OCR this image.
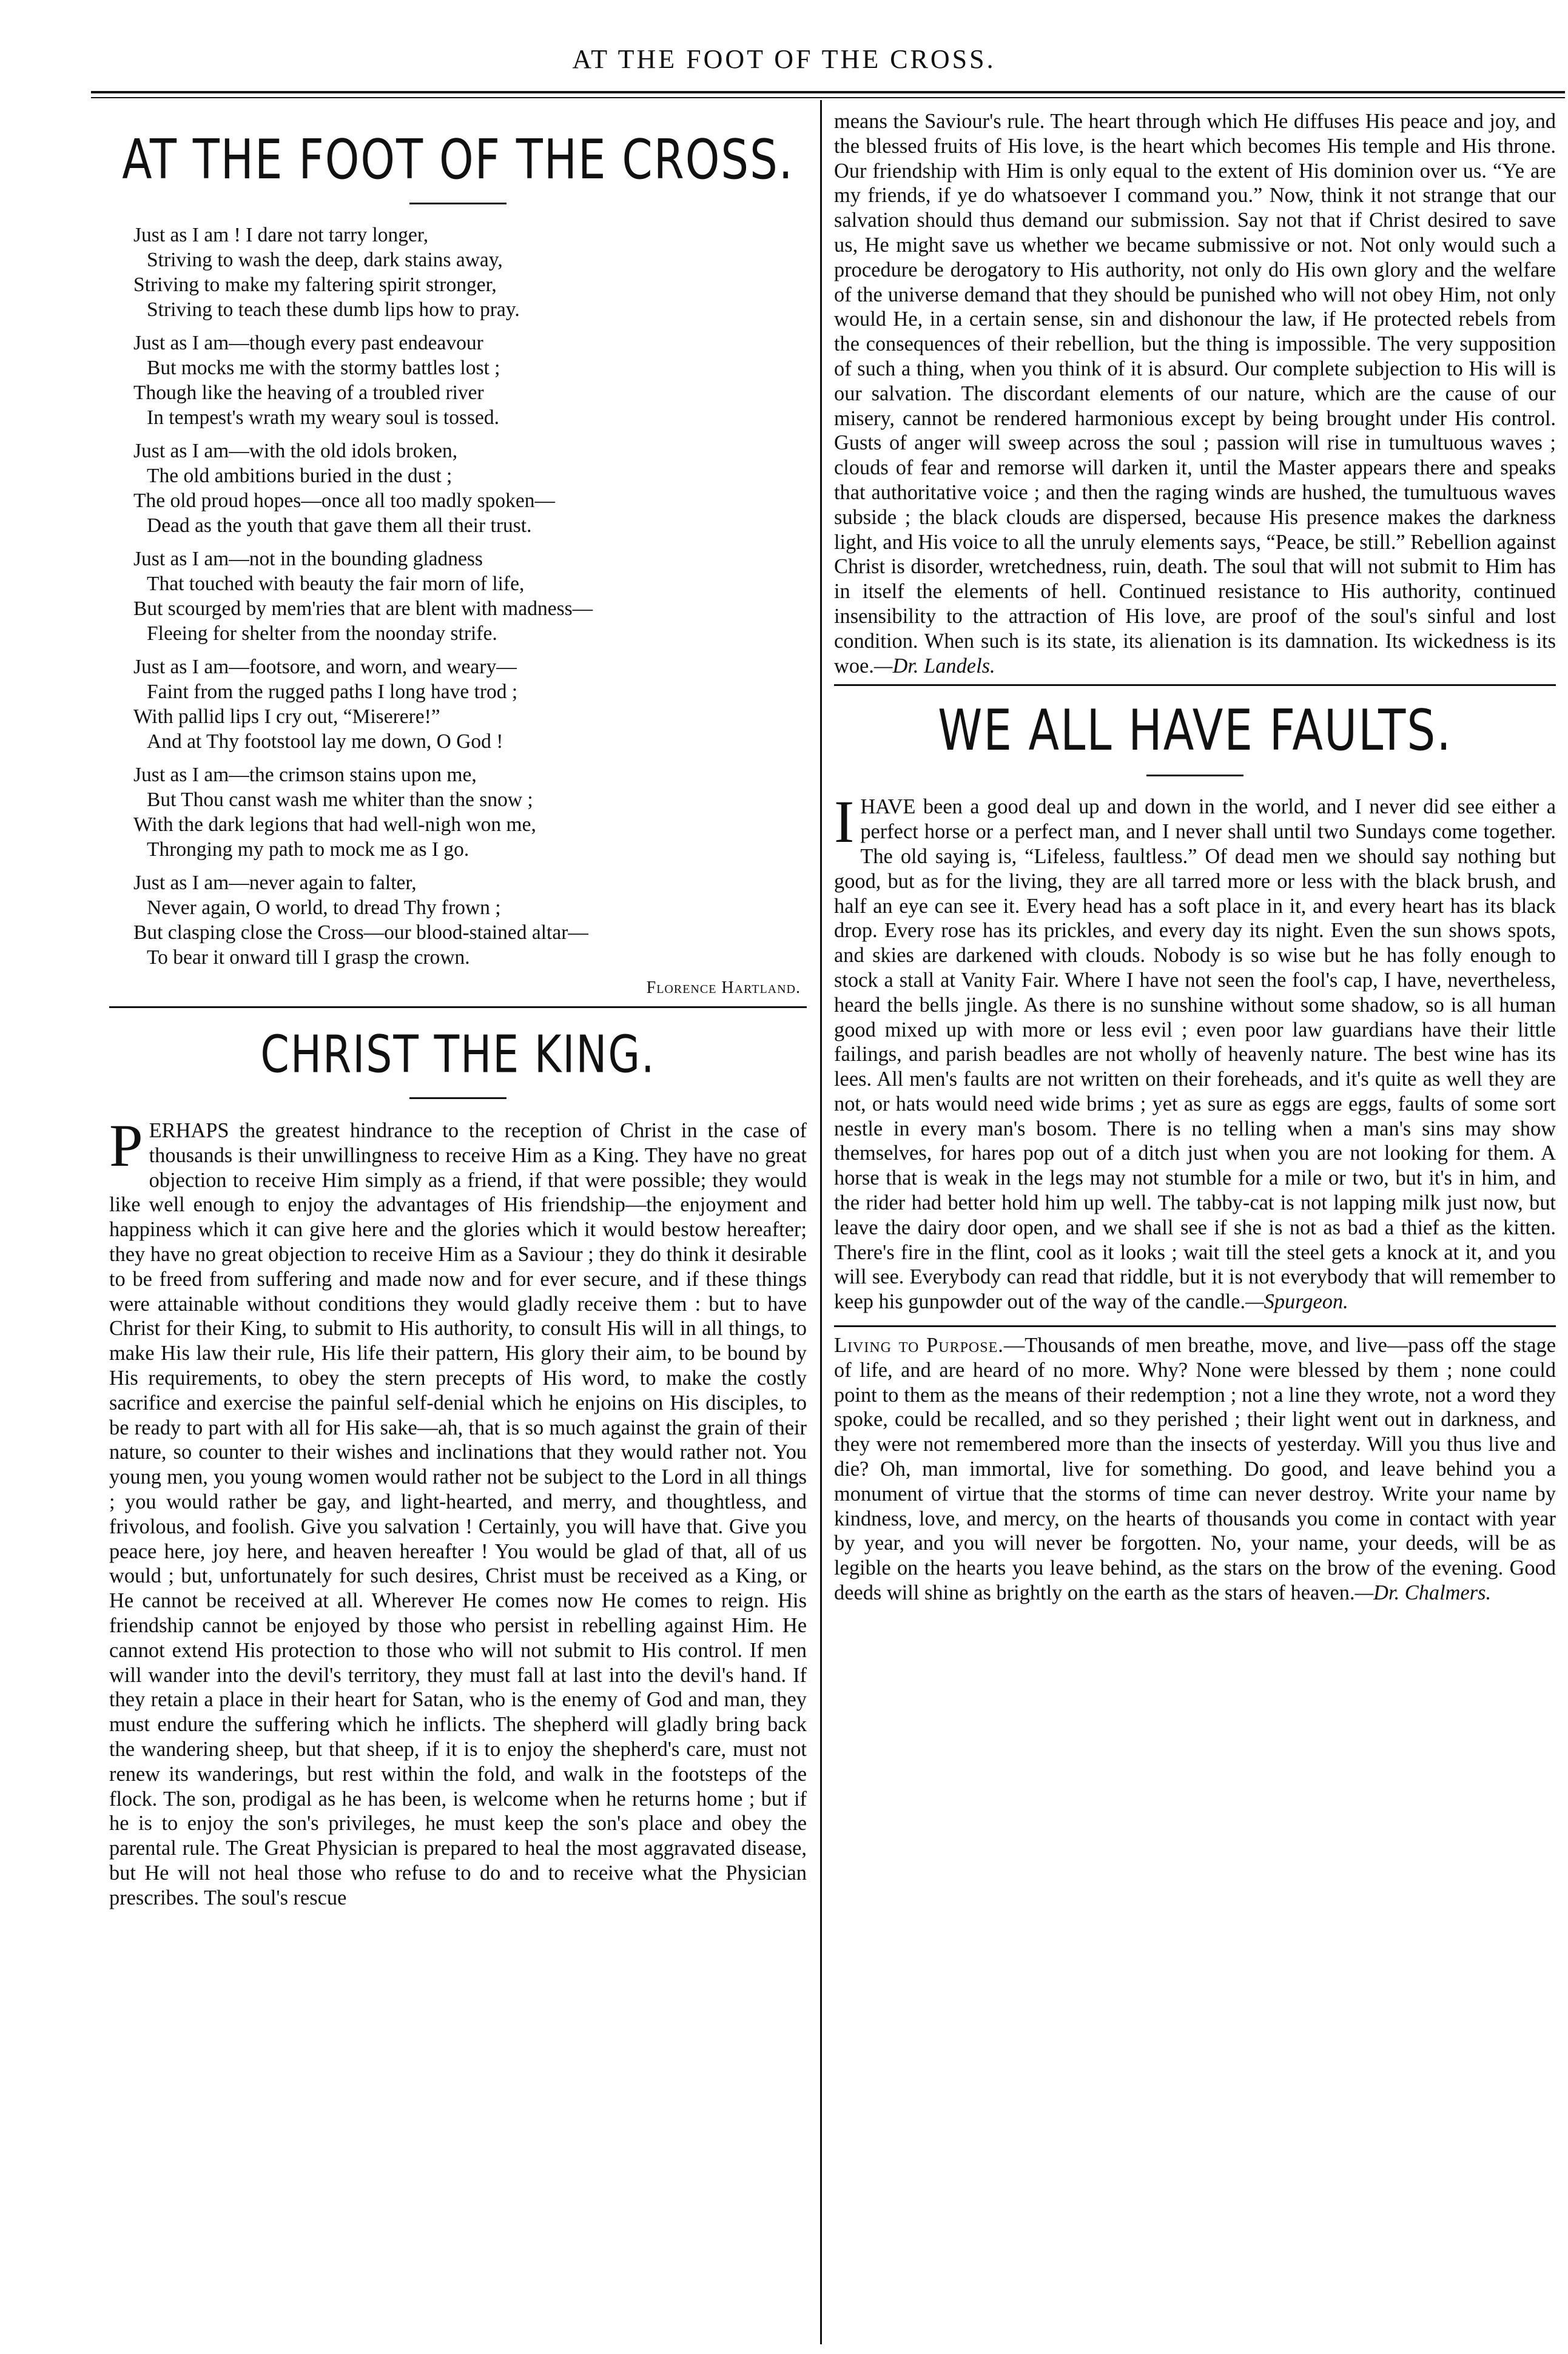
AT THE FOOT OF THE CROSS.
AT THE FOOT OF THE CROSS.
Just as I am ! I dare not tarry longer,
Striving to wash the deep, dark stains away,
Striving to make my faltering spirit stronger,
Striving to teach these dumb lips how to pray.
Just as I am—though every past endeavour
But mocks me with the stormy battles lost ;
Though like the heaving of a troubled river
In tempest's wrath my weary soul is tossed.
Just as I am—with the old idols broken,
The old ambitions buried in the dust ;
The old proud hopes—once all too madly spoken—
Dead as the youth that gave them all their trust.
Just as I am—not in the bounding gladness
That touched with beauty the fair morn of life,
But scourged by mem'ries that are blent with madness—
Fleeing for shelter from the noonday strife.
Just as I am—footsore, and worn, and weary—
Faint from the rugged paths I long have trod ;
With pallid lips I cry out, “Miserere!”
And at Thy footstool lay me down, O God !
Just as I am—the crimson stains upon me,
But Thou canst wash me whiter than the snow ;
With the dark legions that had well-nigh won me,
Thronging my path to mock me as I go.
Just as I am—never again to falter,
Never again, O world, to dread Thy frown ;
But clasping close the Cross—our blood-stained altar—
To bear it onward till I grasp the crown.
Florence Hartland.
CHRIST THE KING.

PERHAPS the greatest hindrance to the reception of Christ in the case of thousands is their unwillingness to receive Him as a King. They have no great objection to receive Him simply as a friend, if that were possible; they would like well enough to enjoy the advantages of His friendship—the enjoyment and happiness which it can give here and the glories which it would bestow hereafter; they have no great objection to receive Him as a Saviour ; they do think it desirable to be freed from suffering and made now and for ever secure, and if these things were attainable without conditions they would gladly receive them : but to have Christ for their King, to submit to His authority, to consult His will in all things, to make His law their rule, His life their pattern, His glory their aim, to be bound by His requirements, to obey the stern precepts of His word, to make the costly sacrifice and exercise the painful self-denial which he enjoins on His disciples, to be ready to part with all for His sake—ah, that is so much against the grain of their nature, so counter to their wishes and inclinations that they would rather not. You young men, you young women would rather not be subject to the Lord in all things ; you would rather be gay, and light-hearted, and merry, and thoughtless, and frivolous, and foolish. Give you salvation ! Certainly, you will have that. Give you peace here, joy here, and heaven hereafter ! You would be glad of that, all of us would ; but, unfortunately for such desires, Christ must be received as a King, or He cannot be received at all. Wherever He comes now He comes to reign. His friendship cannot be enjoyed by those who persist in rebelling against Him. He cannot extend His protection to those who will not submit to His control. If men will wander into the devil's territory, they must fall at last into the devil's hand. If they retain a place in their heart for Satan, who is the enemy of God and man, they must endure the suffering which he inflicts. The shepherd will gladly bring back the wandering sheep, but that sheep, if it is to enjoy the shepherd's care, must not renew its wanderings, but rest within the fold, and walk in the footsteps of the flock. The son, prodigal as he has been, is welcome when he returns home ; but if he is to enjoy the son's privileges, he must keep the son's place and obey the parental rule. The Great Physician is prepared to heal the most aggravated disease, but He will not heal those who refuse to do and to receive what the Physician prescribes. The soul's rescue

means the Saviour's rule. The heart through which He diffuses His peace and joy, and the blessed fruits of His love, is the heart which becomes His temple and His throne. Our friendship with Him is only equal to the extent of His dominion over us. “Ye are my friends, if ye do whatsoever I command you.” Now, think it not strange that our salvation should thus demand our submission. Say not that if Christ desired to save us, He might save us whether we became submissive or not. Not only would such a procedure be derogatory to His authority, not only do His own glory and the welfare of the universe demand that they should be punished who will not obey Him, not only would He, in a certain sense, sin and dishonour the law, if He protected rebels from the consequences of their rebellion, but the thing is impossible. The very supposition of such a thing, when you think of it is absurd. Our complete subjection to His will is our salvation. The discordant elements of our nature, which are the cause of our misery, cannot be rendered harmonious except by being brought under His control. Gusts of anger will sweep across the soul ; passion will rise in tumultuous waves ; clouds of fear and remorse will darken it, until the Master appears there and speaks that authoritative voice ; and then the raging winds are hushed, the tumultuous waves subside ; the black clouds are dispersed, because His presence makes the darkness light, and His voice to all the unruly elements says, “Peace, be still.” Rebellion against Christ is disorder, wretchedness, ruin, death. The soul that will not submit to Him has in itself the elements of hell. Continued resistance to His authority, continued insensibility to the attraction of His love, are proof of the soul's sinful and lost condition. When such is its state, its alienation is its damnation. Its wickedness is its woe.—Dr. Landels.

WE ALL HAVE FAULTS.

IHAVE been a good deal up and down in the world, and I never did see either a perfect horse or a perfect man, and I never shall until two Sundays come together. The old saying is, “Lifeless, faultless.” Of dead men we should say nothing but good, but as for the living, they are all tarred more or less with the black brush, and half an eye can see it. Every head has a soft place in it, and every heart has its black drop. Every rose has its prickles, and every day its night. Even the sun shows spots, and skies are darkened with clouds. Nobody is so wise but he has folly enough to stock a stall at Vanity Fair. Where I have not seen the fool's cap, I have, nevertheless, heard the bells jingle. As there is no sunshine without some shadow, so is all human good mixed up with more or less evil ; even poor law guardians have their little failings, and parish beadles are not wholly of heavenly nature. The best wine has its lees. All men's faults are not written on their foreheads, and it's quite as well they are not, or hats would need wide brims ; yet as sure as eggs are eggs, faults of some sort nestle in every man's bosom. There is no telling when a man's sins may show themselves, for hares pop out of a ditch just when you are not looking for them. A horse that is weak in the legs may not stumble for a mile or two, but it's in him, and the rider had better hold him up well. The tabby-cat is not lapping milk just now, but leave the dairy door open, and we shall see if she is not as bad a thief as the kitten. There's fire in the flint, cool as it looks ; wait till the steel gets a knock at it, and you will see. Everybody can read that riddle, but it is not everybody that will remember to keep his gunpowder out of the way of the candle.—Spurgeon.

Living to Purpose.—Thousands of men breathe, move, and live—pass off the stage of life, and are heard of no more. Why? None were blessed by them ; none could point to them as the means of their redemption ; not a line they wrote, not a word they spoke, could be recalled, and so they perished ; their light went out in darkness, and they were not remembered more than the insects of yesterday. Will you thus live and die? Oh, man immortal, live for something. Do good, and leave behind you a monument of virtue that the storms of time can never destroy. Write your name by kindness, love, and mercy, on the hearts of thousands you come in contact with year by year, and you will never be forgotten. No, your name, your deeds, will be as legible on the hearts you leave behind, as the stars on the brow of the evening. Good deeds will shine as brightly on the earth as the stars of heaven.—Dr. Chalmers.
